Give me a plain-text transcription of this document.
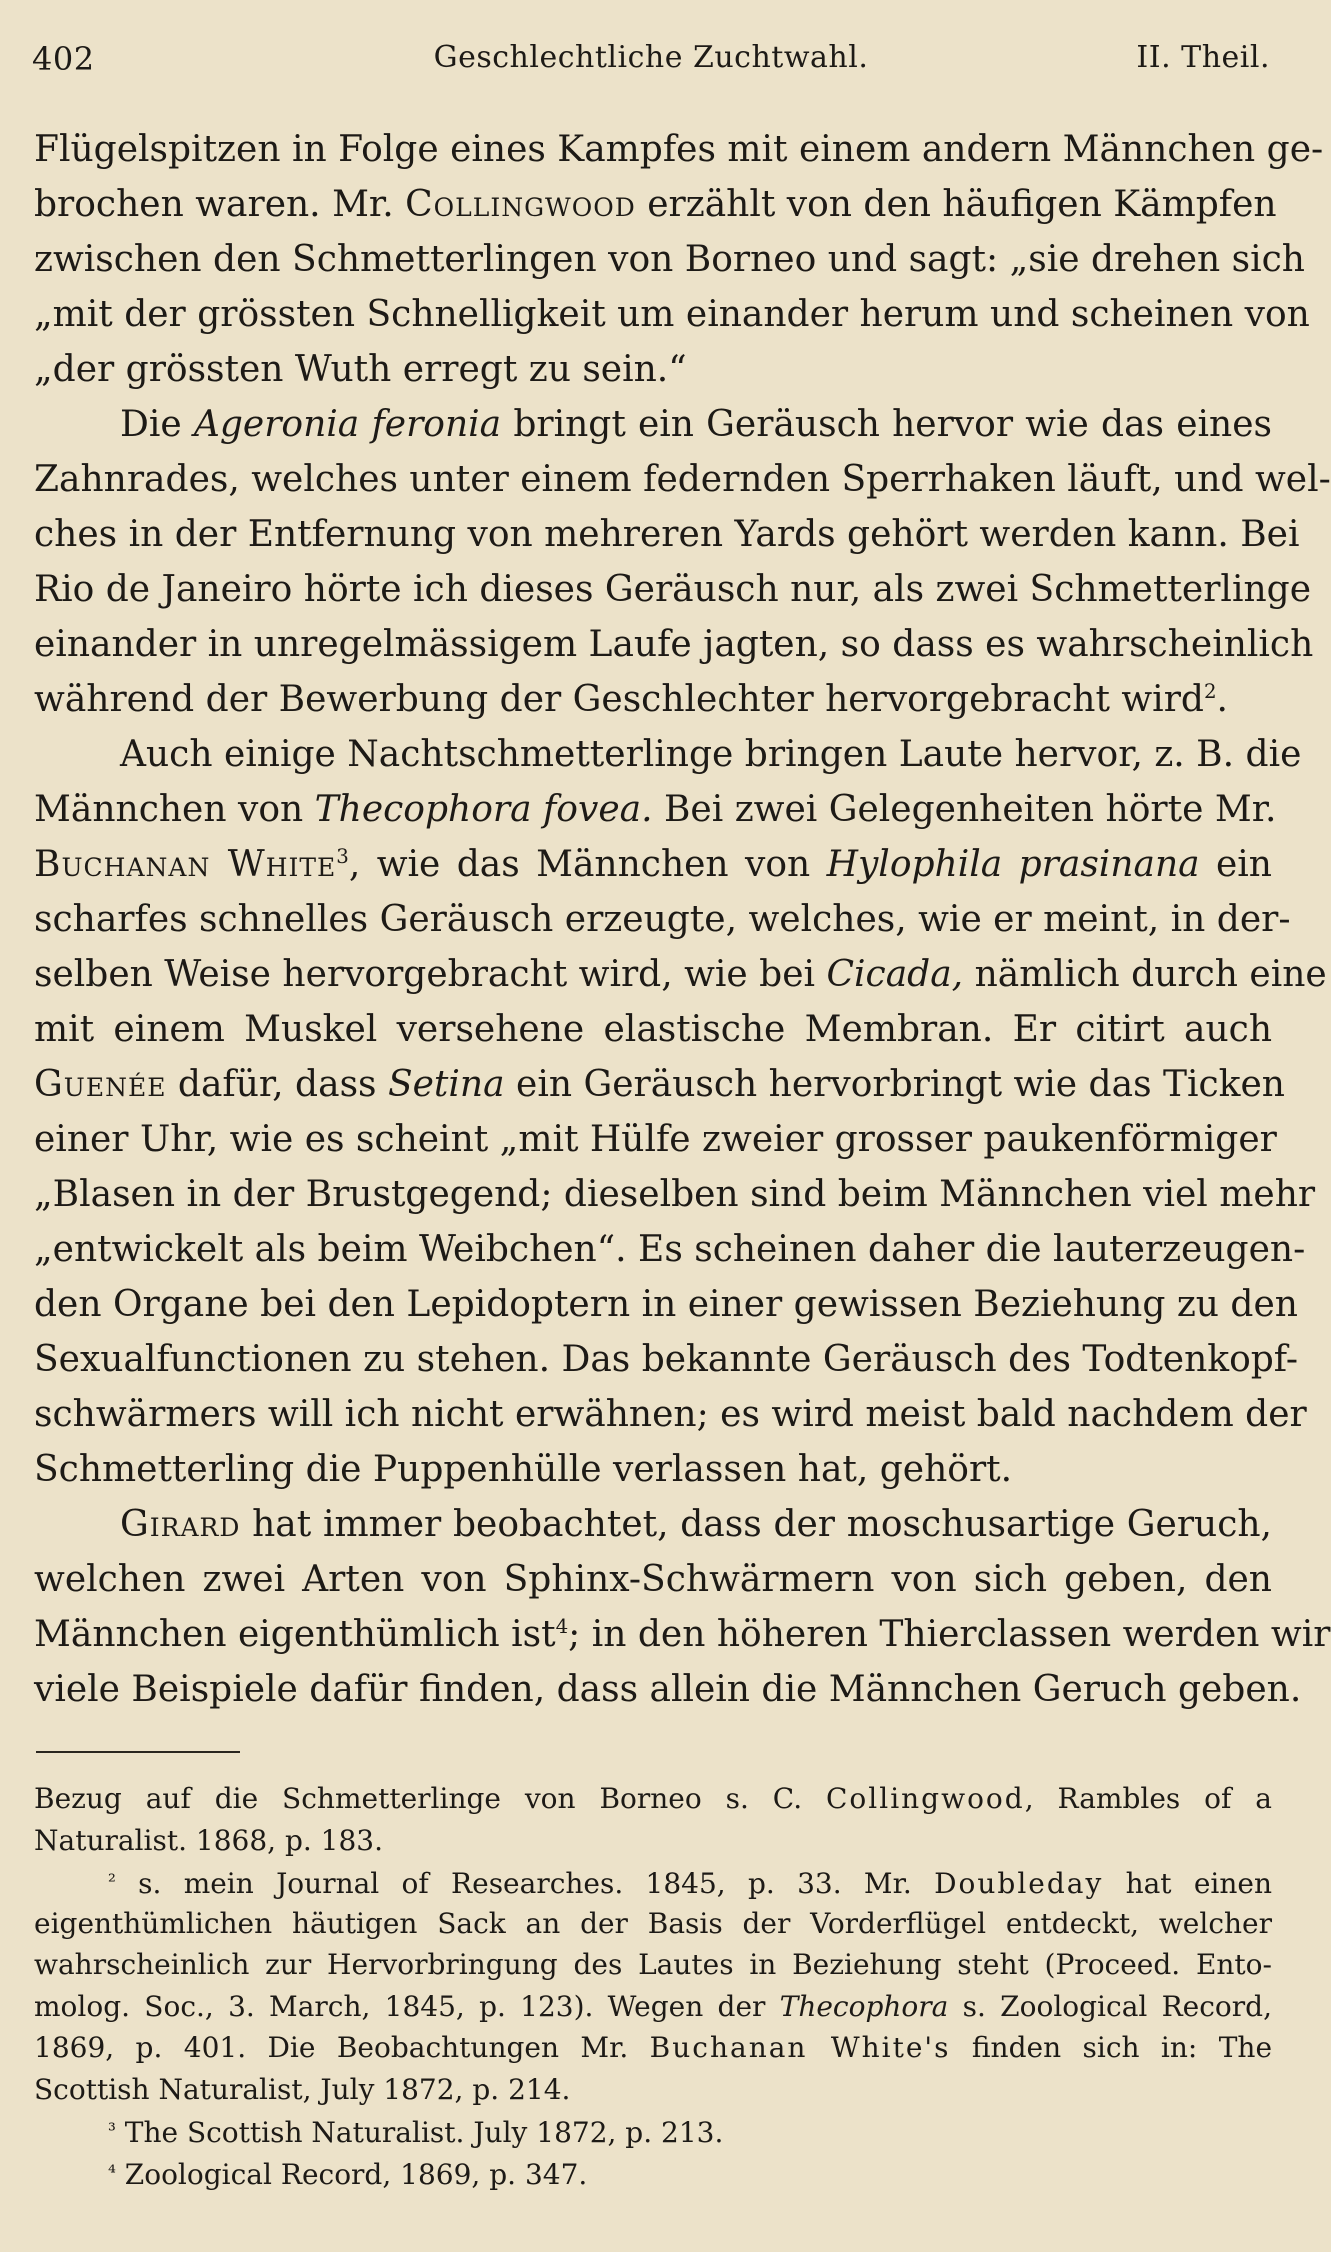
402	Geschlechtliche Zuchtwahl.	II. Theil.
Flügelspitzen in Folge eines Kampfes mit einem andern Männchen ge-
brochen waren. Mr. Collingwood erzählt von den häufigen Kämpfen
zwischen den Schmetterlingen von Borneo und sagt: „sie drehen sich
„mit der grössten Schnelligkeit um einander herum und scheinen von
„der grössten Wuth erregt zu sein.“
Die Ageronia feronia bringt ein Geräusch hervor wie das eines
Zahnrades, welches unter einem federnden Sperrhaken läuft, und wel-
ches in der Entfernung von mehreren Yards gehört werden kann. Bei
Rio de Janeiro hörte ich dieses Geräusch nur, als zwei Schmetterlinge
einander in unregelmässigem Laufe jagten, so dass es wahrscheinlich
während der Bewerbung der Geschlechter hervorgebracht wird$^2$.
Auch einige Nachtschmetterlinge bringen Laute hervor, z. B. die
Männchen von Thecophora fovea. Bei zwei Gelegenheiten hörte Mr.
Buchanan White$^3$, wie das Männchen von Hylophila prasinana ein
scharfes schnelles Geräusch erzeugte, welches, wie er meint, in der-
selben Weise hervorgebracht wird, wie bei Cicada, nämlich durch eine
mit einem Muskel versehene elastische Membran. Er citirt auch
Guenée dafür, dass Setina ein Geräusch hervorbringt wie das Ticken
einer Uhr, wie es scheint „mit Hülfe zweier grosser paukenförmiger
„Blasen in der Brustgegend; dieselben sind beim Männchen viel mehr
„entwickelt als beim Weibchen“. Es scheinen daher die lauterzeugen-
den Organe bei den Lepidoptern in einer gewissen Beziehung zu den
Sexualfunctionen zu stehen. Das bekannte Geräusch des Todtenkopf-
schwärmers will ich nicht erwähnen; es wird meist bald nachdem der
Schmetterling die Puppenhülle verlassen hat, gehört.
Girard hat immer beobachtet, dass der moschusartige Geruch,
welchen zwei Arten von Sphinx-Schwärmern von sich geben, den
Männchen eigenthümlich ist$^4$; in den höheren Thierclassen werden wir
viele Beispiele dafür finden, dass allein die Männchen Geruch geben.
Bezug auf die Schmetterlinge von Borneo s. C. Collingwood, Rambles of a
Naturalist. 1868, p. 183.
² s. mein Journal of Researches. 1845, p. 33. Mr. Doubleday hat einen
eigenthümlichen häutigen Sack an der Basis der Vorderflügel entdeckt, welcher
wahrscheinlich zur Hervorbringung des Lautes in Beziehung steht (Proceed. Ento-
molog. Soc., 3. March, 1845, p. 123). Wegen der Thecophora s. Zoological Record,
1869, p. 401. Die Beobachtungen Mr. Buchanan White's finden sich in: The
Scottish Naturalist, July 1872, p. 214.
³ The Scottish Naturalist. July 1872, p. 213.
⁴ Zoological Record, 1869, p. 347.
